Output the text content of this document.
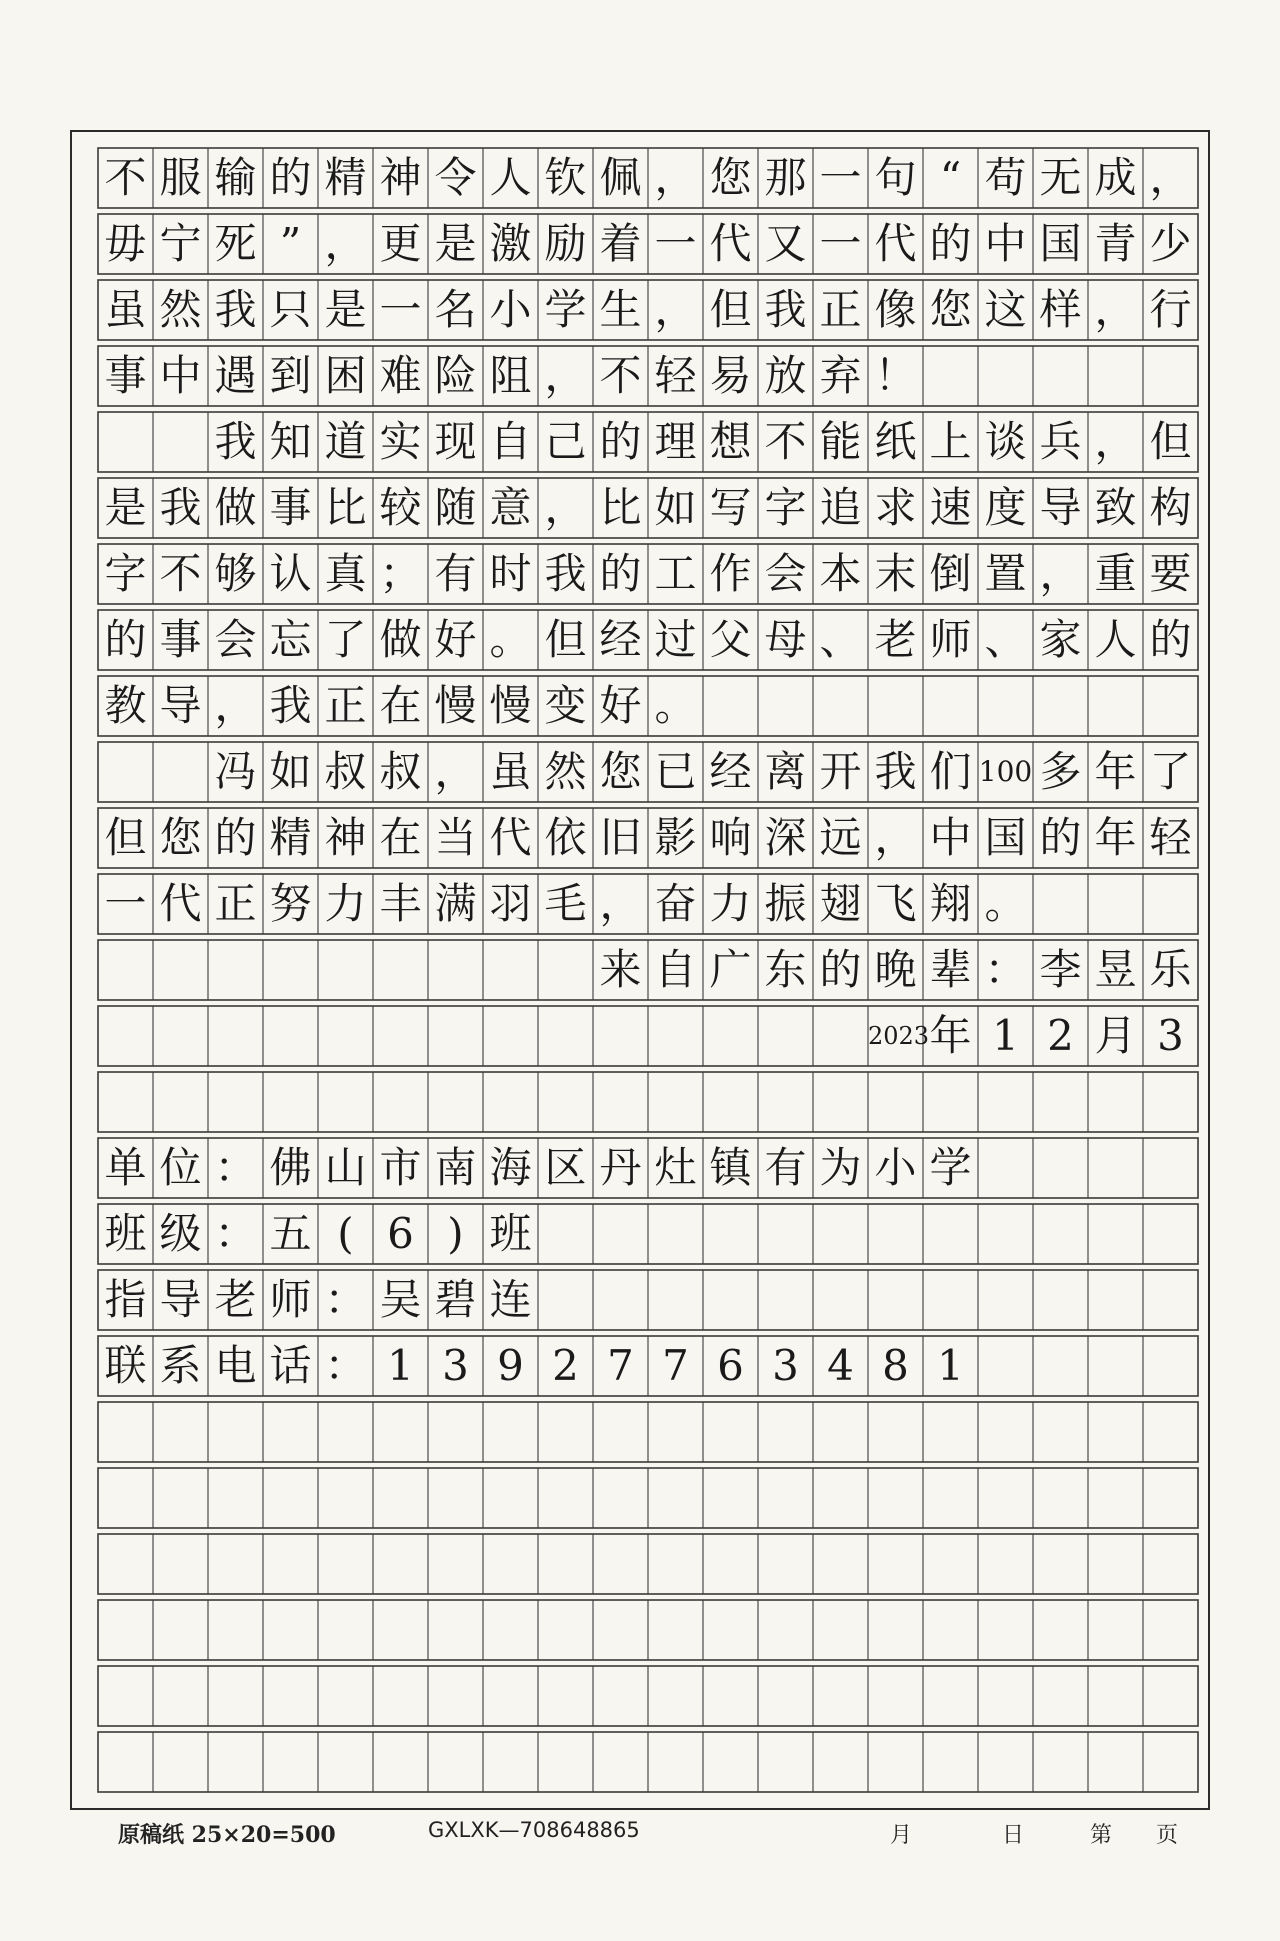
不 服 输 的 精 神 令 人 钦 佩 ， 您 那 一 句 “ 苟 无 成 ，
毋 宁 死 ” ， 更 是 激 励 着 一 代 又 一 代 的 中 国 青 少
虽 然 我 只 是 一 名 小 学 生 ， 但 我 正 像 您 这 样 ， 行
事 中 遇 到 困 难 险 阻 ， 不 轻 易 放 弃 ！
我 知 道 实 现 自 己 的 理 想 不 能 纸 上 谈 兵 ， 但
是 我 做 事 比 较 随 意 ， 比 如 写 字 追 求 速 度 导 致 构
字 不 够 认 真 ； 有 时 我 的 工 作 会 本 末 倒 置 ， 重 要
的 事 会 忘 了 做 好 。 但 经 过 父 母 、 老 师 、 家 人 的
教 导 ， 我 正 在 慢 慢 变 好 。
冯 如 叔 叔 ， 虽 然 您 已 经 离 开 我 们 100 多 年 了
但 您 的 精 神 在 当 代 依 旧 影 响 深 远 ， 中 国 的 年 轻
一 代 正 努 力 丰 满 羽 毛 ， 奋 力 振 翅 飞 翔 。
来 自 广 东 的 晚 辈 ： 李 昱 乐
2023 年 1 2 月 3
单 位 ： 佛 山 市 南 海 区 丹 灶 镇 有 为 小 学
班 级 ： 五 ( 6 ) 班
指 导 老 师 ： 吴 碧 连
联 系 电 话 ： 1 3 9 2 7 7 6 3 4 8 1
原稿纸 25×20=500	GXLXK—708648865	月	日	第　　页
